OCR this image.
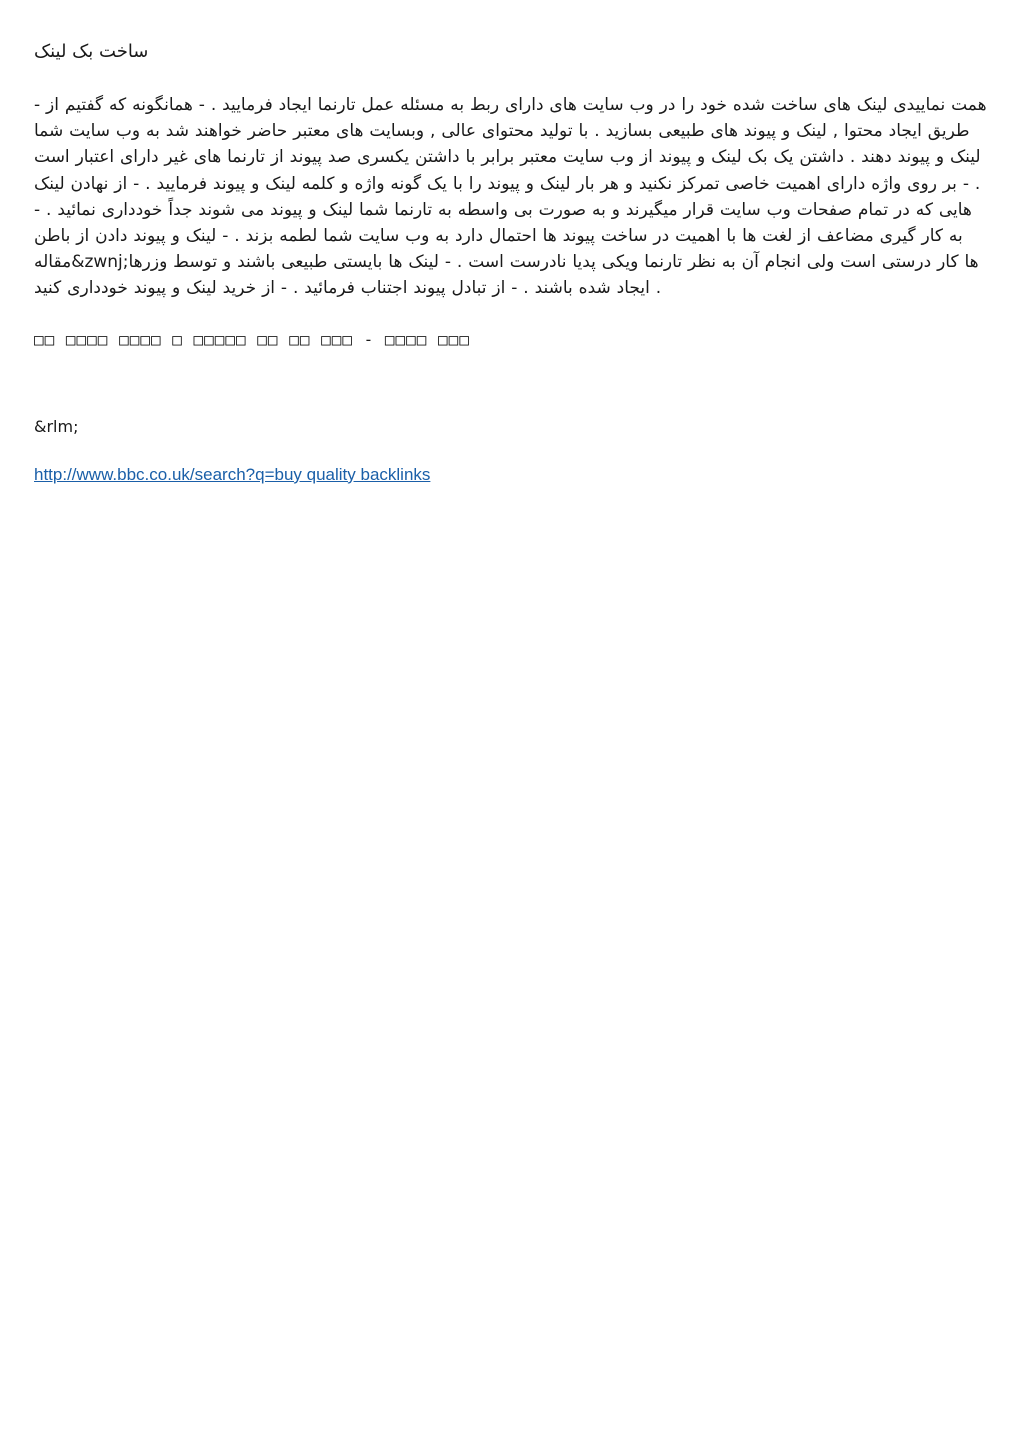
ساخت بک لینک
- همت نماییدی لینک های ساخت شده خود را در وب سایت های دارای ربط به مسئله عمل تارنما ایجاد فرمایید . - همانگونه که گفتیم از طریق ایجاد محتوا , لینک و پیوند های طبیعی بسازید . با تولید محتوای عالی , وبسایت های معتبر حاضر خواهند شد به وب سایت شما لینک و پیوند دهند . داشتن یک بک لینک و پیوند از وب سایت معتبر برابر با داشتن یکسری صد پیوند از تارنما های غیر دارای اعتبار است . - بر روی واژه دارای اهمیت خاصی تمرکز نکنید و هر بار لینک و پیوند را با یک گونه واژه و کلمه لینک و پیوند فرمایید . - از نهادن لینک هایی که در تمام صفحات وب سایت قرار میگیرند و به صورت بی واسطه به تارنما شما لینک و پیوند می شوند جداً خودداری نمائید . - به کار گیری مضاعف از لغت ها با اهمیت در ساخت پیوند ها احتمال دارد به وب سایت شما لطمه بزند . - لینک و پیوند دادن از باطن مقاله&zwnj;ها کار درستی است ولی انجام آن به نظر تارنما ویکی پدیا نادرست است . - لینک ها بایستی طبیعی باشند و توسط وزرها ایجاد شده باشند . - از تبادل پیوند اجتناب فرمائید . - از خرید لینک و پیوند خودداری کنید .
□□ □□□□ □□□□ □ □□□□□ □□ □□ □□□ - □□□□ □□□
&rlm;
http://www.bbc.co.uk/search?q=buy quality backlinks
